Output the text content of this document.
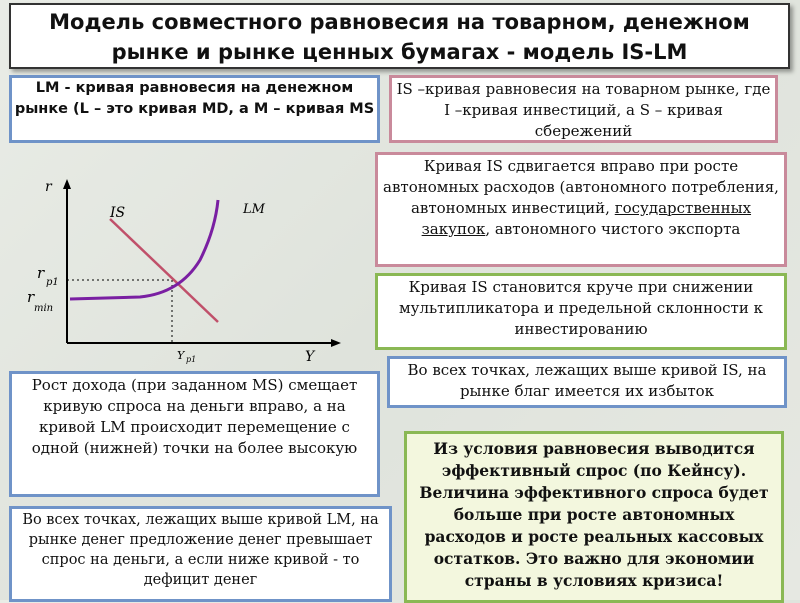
Модель совместного равновесия на товарном, денежном рынке и рынке ценных бумагах - модель IS-LM
LM - кривая равновесия на денежном рынке (L – это кривая MD, а M – кривая MS
IS –кривая равновесия на товарном рынке, где I –кривая инвестиций, а S – кривая сбережений
Кривая IS сдвигается вправо при росте автономных расходов (автономного потребления, автономных инвестиций, государственных закупок, автономного чистого экспорта
Кривая IS становится круче при снижении мультипликатора и предельной склонности к инвестированию
Во всех точках, лежащих выше кривой IS, на рынке благ имеется их избыток
Рост дохода (при заданном MS) смещает кривую спроса на деньги вправо, а на кривой LM происходит перемещение с одной (нижней) точки на более высокую
Во всех точках, лежащих выше кривой LM, на рынке денег предложение денег превышает спрос на деньги, а если ниже кривой - то дефицит денег
Из условия равновесия выводится эффективный спрос (по Кейнсу). Величина эффективного спроса будет больше при росте автономных расходов и росте реальных кассовых остатков. Это важно для экономии страны в условиях кризиса!
r
Y
IS	LM
r
p1
r
min
Y p1
